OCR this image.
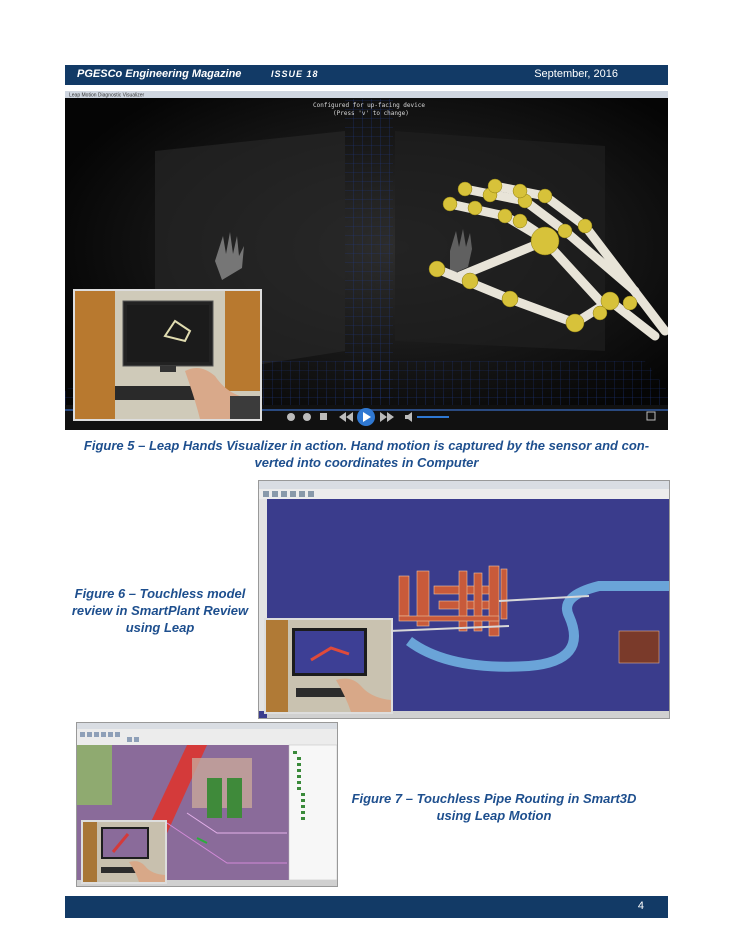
PGESCo Engineering Magazine	ISSUE 18	September, 2016
Leap Motion Diagnostic Visualizer
Configured for up-facing device
(Press 'v' to change)
Figure 5 – Leap Hands Visualizer in action. Hand motion is captured by the sensor and con-
verted into coordinates in Computer
Figure 6 – Touchless model
review in SmartPlant Review
using Leap
Figure 7 – Touchless Pipe Routing in Smart3D
using Leap Motion
4
